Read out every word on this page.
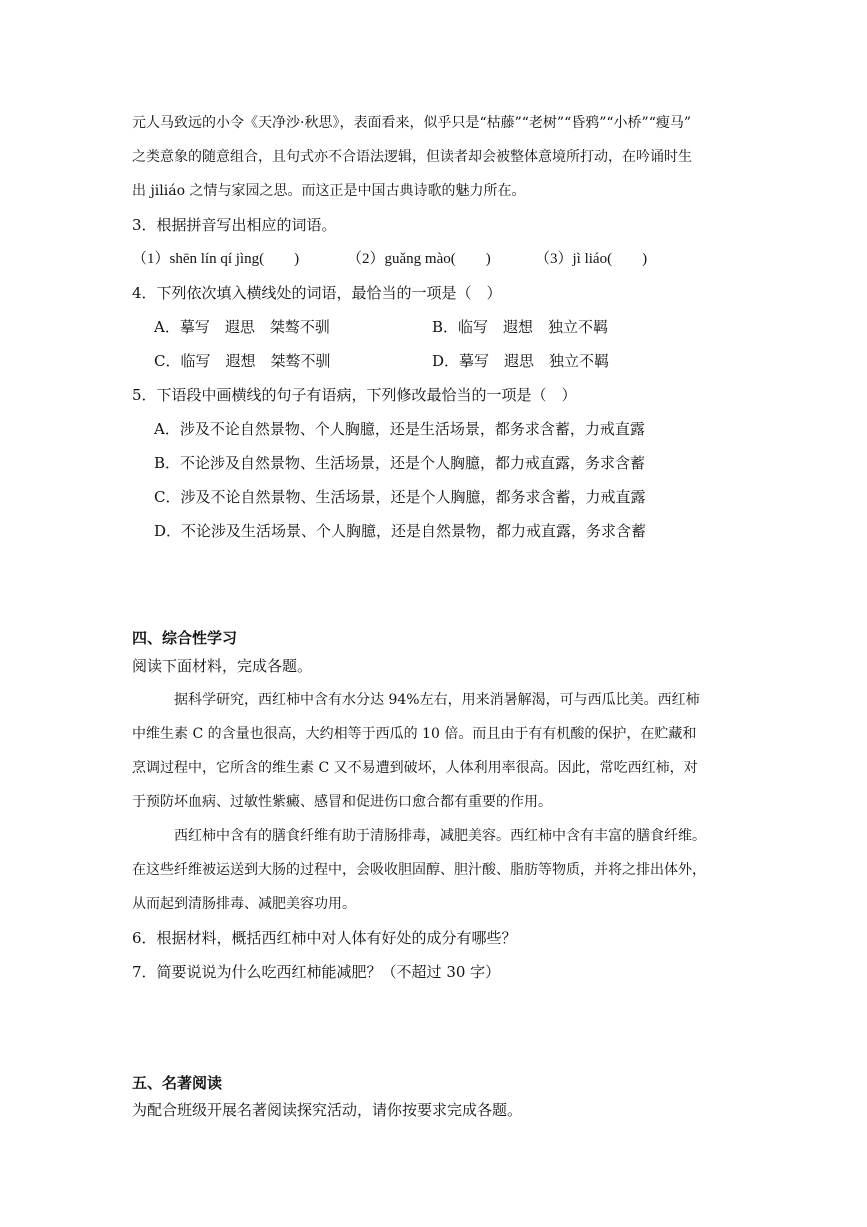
元人马致远的小令《天净沙·秋思》，表面看来，似乎只是“枯藤”“老树”“昏鸦”“小桥”“瘦马”
之类意象的随意组合，且句式亦不合语法逻辑，但读者却会被整体意境所打动，在吟诵时生
出 jiliáo 之情与家园之思。而这正是中国古典诗歌的魅力所在。
3．根据拼音写出相应的词语。
（1）shēn lín qí jìng(　　)	（2）guǎng mào(　　)	（3）jì liáo(　　)
4．下列依次填入横线处的词语，最恰当的一项是（　）
A．摹写　遐思　桀骜不驯	B．临写　遐想　独立不羁
C．临写　遐想　桀骜不驯	D．摹写　遐思　独立不羁
5．下语段中画横线的句子有语病，下列修改最恰当的一项是（　）
A．涉及不论自然景物、个人胸臆，还是生活场景，都务求含蓄，力戒直露
B．不论涉及自然景物、生活场景，还是个人胸臆，都力戒直露，务求含蓄
C．涉及不论自然景物、生活场景，还是个人胸臆，都务求含蓄，力戒直露
D．不论涉及生活场景、个人胸臆，还是自然景物，都力戒直露，务求含蓄
四、综合性学习
阅读下面材料，完成各题。
据科学研究，西红柿中含有水分达 94%左右，用来消暑解渴，可与西瓜比美。西红柿
中维生素 C 的含量也很高，大约相等于西瓜的 10 倍。而且由于有有机酸的保护，在贮藏和
烹调过程中，它所含的维生素 C 又不易遭到破坏，人体利用率很高。因此，常吃西红柿，对
于预防坏血病、过敏性紫癜、感冒和促进伤口愈合都有重要的作用。
西红柿中含有的膳食纤维有助于清肠排毒，减肥美容。西红柿中含有丰富的膳食纤维。
在这些纤维被运送到大肠的过程中，会吸收胆固醇、胆汁酸、脂肪等物质，并将之排出体外，
从而起到清肠排毒、减肥美容功用。
6．根据材料，概括西红柿中对人体有好处的成分有哪些？
7．简要说说为什么吃西红柿能减肥？（不超过 30 字）
五、名著阅读
为配合班级开展名著阅读探究活动，请你按要求完成各题。
